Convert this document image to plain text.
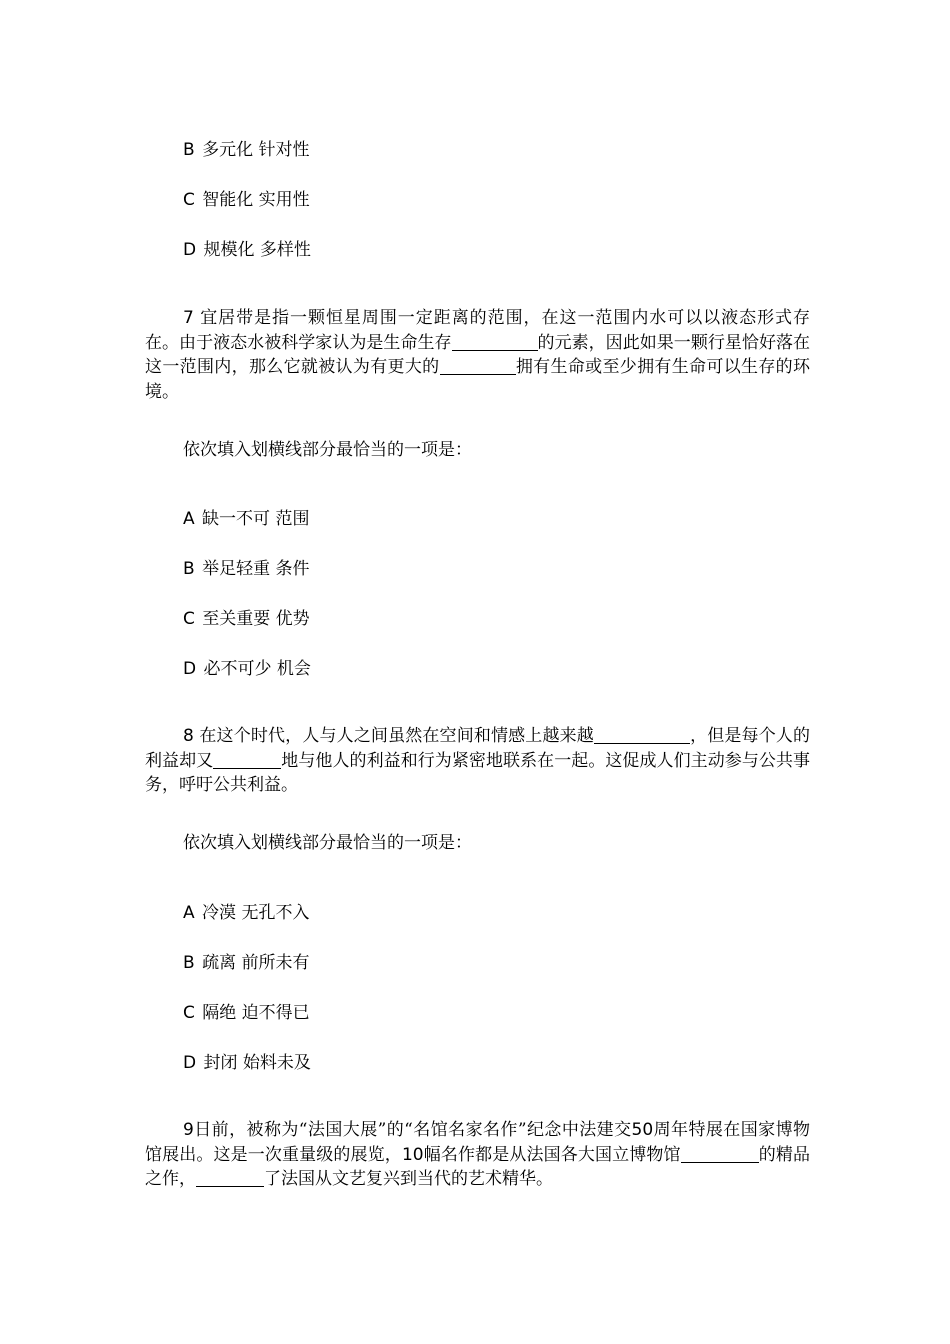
B 多元化 针对性
C 智能化 实用性
D 规模化 多样性
7 宜居带是指一颗恒星周围一定距离的范围，在这一范围内水可以以液态形式存在。由于液态水被科学家认为是生命生存	的元素，因此如果一颗行星恰好落在这一范围内，那么它就被认为有更大的	拥有生命或至少拥有生命可以生存的环境。
依次填入划横线部分最恰当的一项是：
A 缺一不可 范围
B 举足轻重 条件
C 至关重要 优势
D 必不可少 机会
8 在这个时代，人与人之间虽然在空间和情感上越来越	，但是每个人的利益却又	地与他人的利益和行为紧密地联系在一起。这促成人们主动参与公共事务，呼吁公共利益。
依次填入划横线部分最恰当的一项是：
A 冷漠 无孔不入
B 疏离 前所未有
C 隔绝 迫不得已
D 封闭 始料未及
9日前，被称为“法国大展”的“名馆名家名作”纪念中法建交50周年特展在国家博物馆展出。这是一次重量级的展览，10幅名作都是从法国各大国立博物馆	的精品之作，	了法国从文艺复兴到当代的艺术精华。
